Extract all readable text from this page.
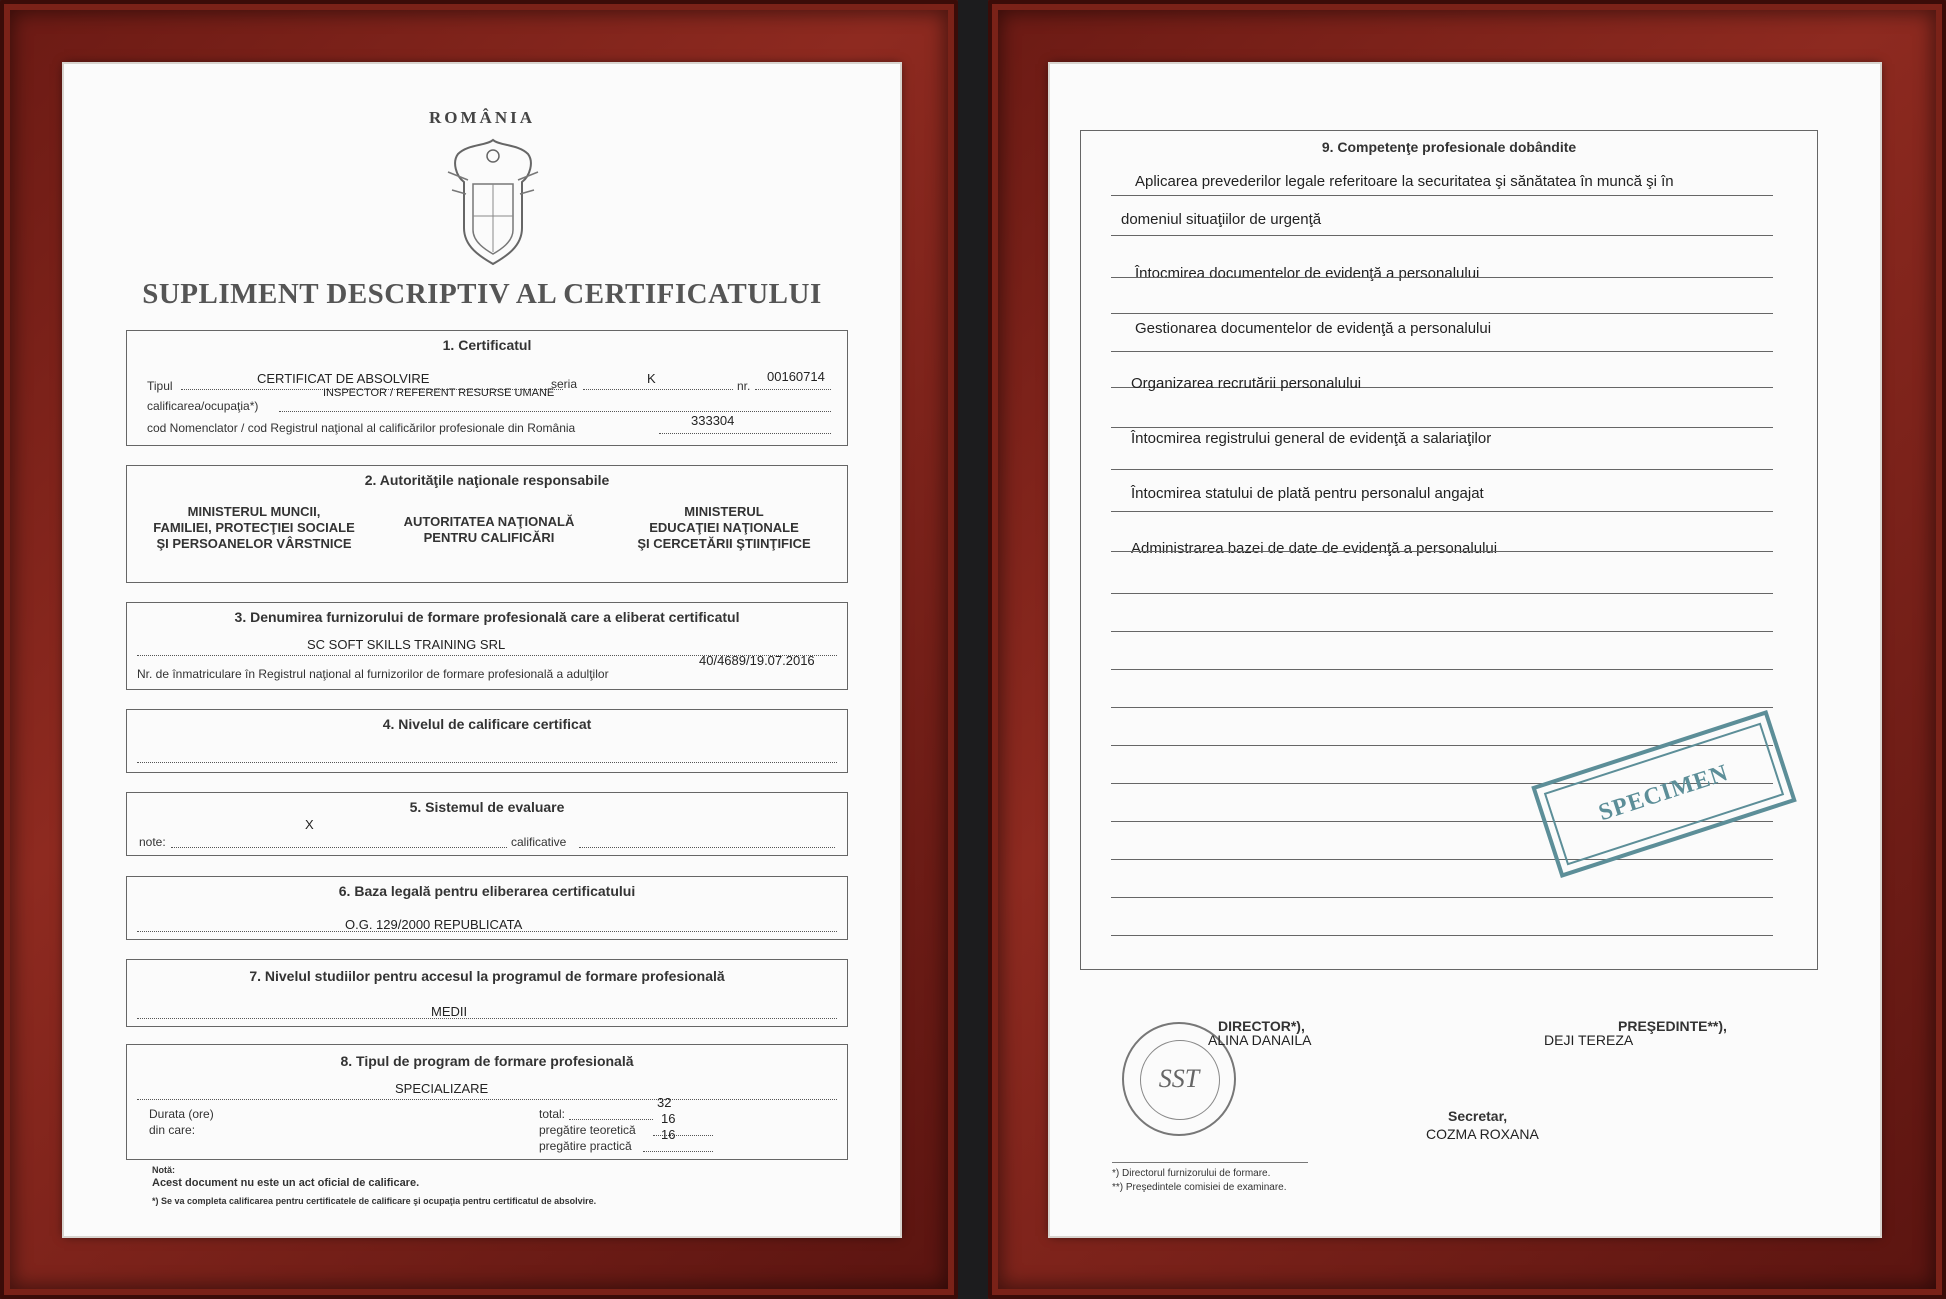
ROMÂNIA
SUPLIMENT DESCRIPTIV AL CERTIFICATULUI
1. Certificatul
Tipul	CERTIFICAT DE ABSOLVIRE	seria	K	nr.
00160714
calificarea/ocupaţia*)
INSPECTOR / REFERENT RESURSE UMANE
cod Nomenclator / cod Registrul naţional al calificărilor profesionale din România	333304
2. Autorităţile naţionale responsabile
MINISTERUL MUNCII,
FAMILIEI, PROTECŢIEI SOCIALE
ŞI PERSOANELOR VÂRSTNICE
AUTORITATEA NAŢIONALĂ
PENTRU CALIFICĂRI
MINISTERUL
EDUCAŢIEI NAŢIONALE
ŞI CERCETĂRII ŞTIINŢIFICE
3. Denumirea furnizorului de formare profesională care a eliberat certificatul
SC SOFT SKILLS TRAINING SRL
Nr. de înmatriculare în Registrul naţional al furnizorilor de formare profesională a adulţilor
40/4689/19.07.2016
4. Nivelul de calificare certificat
5. Sistemul de evaluare
X
note:	calificative
6. Baza legală pentru eliberarea certificatului
O.G. 129/2000 REPUBLICATA
7. Nivelul studiilor pentru accesul la programul de formare profesională
MEDII
8. Tipul de program de formare profesională
SPECIALIZARE
Durata (ore)
din care:
total:
32
pregătire teoretică
16
pregătire practică
16
Notă:
Acest document nu este un act oficial de calificare.
*) Se va completa calificarea pentru certificatele de calificare şi ocupaţia pentru certificatul de absolvire.
9. Competenţe profesionale dobândite
Aplicarea prevederilor legale referitoare la securitatea şi sănătatea în muncă şi în
domeniul situaţiilor de urgenţă
Întocmirea documentelor de evidenţă a personalului
Gestionarea documentelor de evidenţă a personalului
Organizarea recrutării personalului
Întocmirea registrului general de evidenţă a salariaţilor
Întocmirea statului de plată pentru personalul angajat
Administrarea bazei de date de evidenţă a personalului
SPECIMEN
SST
DIRECTOR*),
ALINA DANAILA
PREŞEDINTE**),
DEJI TEREZA
Secretar,
COZMA ROXANA
*) Directorul furnizorului de formare.
**) Preşedintele comisiei de examinare.
